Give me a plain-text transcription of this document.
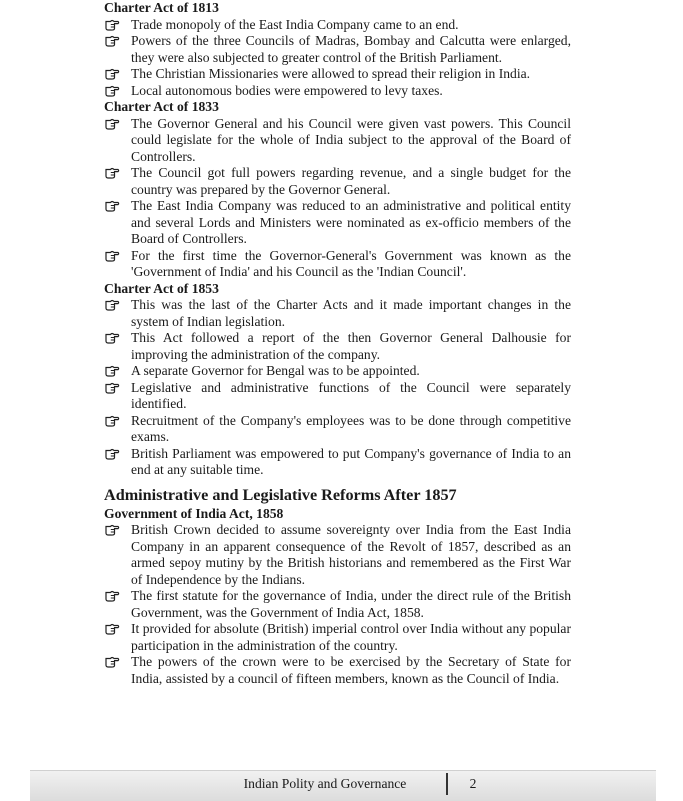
Charter Act of 1813
Trade monopoly of the East India Company came to an end.
Powers of the three Councils of Madras, Bombay and Calcutta were enlarged, they were also subjected to greater control of the British Parliament.
The Christian Missionaries were allowed to spread their religion in India.
Local autonomous bodies were empowered to levy taxes.
Charter Act of 1833
The Governor General and his Council were given vast powers. This Council could legislate for the whole of India subject to the approval of the Board of Controllers.
The Council got full powers regarding revenue, and a single budget for the country was prepared by the Governor General.
The East India Company was reduced to an administrative and political entity and several Lords and Ministers were nominated as ex-officio members of the Board of Controllers.
For the first time the Governor-General's Government was known as the 'Government of India' and his Council as the 'Indian Council'.
Charter Act of 1853
This was the last of the Charter Acts and it made important changes in the system of Indian legislation.
This Act followed a report of the then Governor General Dalhousie for improving the administration of the company.
A separate Governor for Bengal was to be appointed.
Legislative and administrative functions of the Council were separately identified.
Recruitment of the Company's employees was to be done through competitive exams.
British Parliament was empowered to put Company's governance of India to an end at any suitable time.
Administrative and Legislative Reforms After 1857
Government of India Act, 1858
British Crown decided to assume sovereignty over India from the East India Company in an apparent consequence of the Revolt of 1857, described as an armed sepoy mutiny by the British historians and remembered as the First War of Independence by the Indians.
The first statute for the governance of India, under the direct rule of the British Government, was the Government of India Act, 1858.
It provided for absolute (British) imperial control over India without any popular participation in the administration of the country.
The powers of the crown were to be exercised by the Secretary of State for India, assisted by a council of fifteen members, known as the Council of India.
Indian Polity and Governance	2
